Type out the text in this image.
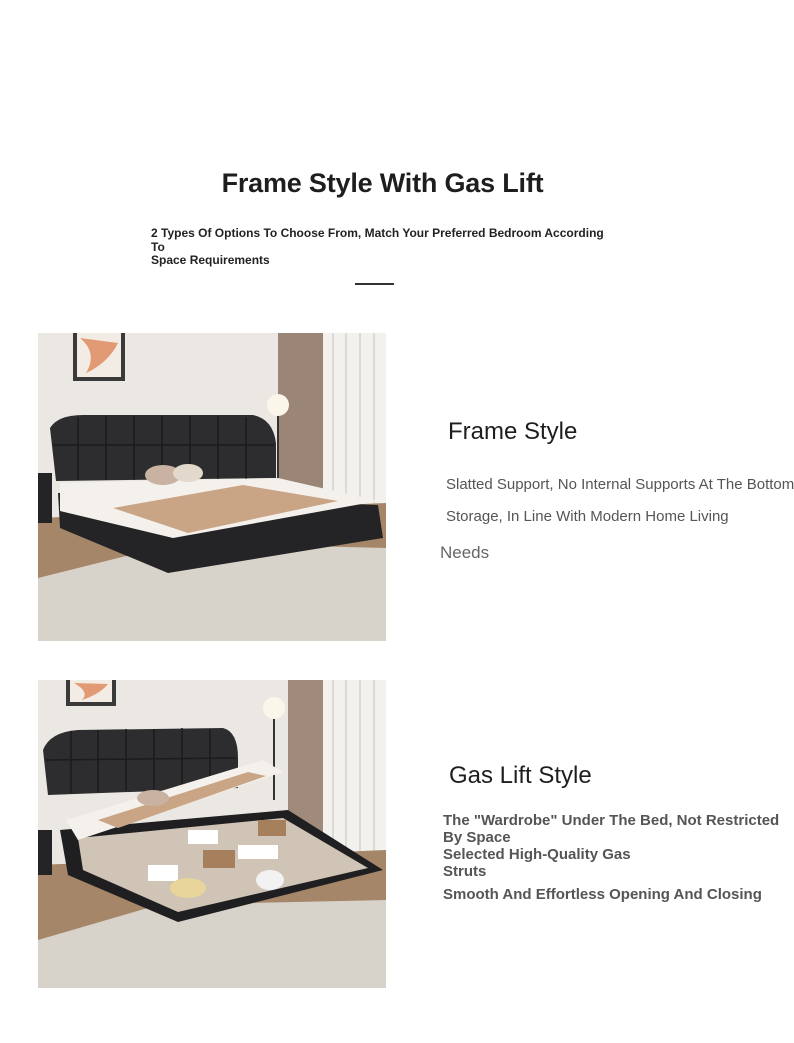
Frame Style With Gas Lift
2 Types Of Options To Choose From, Match Your Preferred Bedroom According To
Space Requirements
Frame Style
Slatted Support, No Internal Supports At The Bottom
Storage, In Line With Modern Home Living
Needs
Gas Lift Style
The "Wardrobe" Under The Bed, Not Restricted
By Space
Selected High-Quality Gas
Struts
Smooth And Effortless Opening And Closing
